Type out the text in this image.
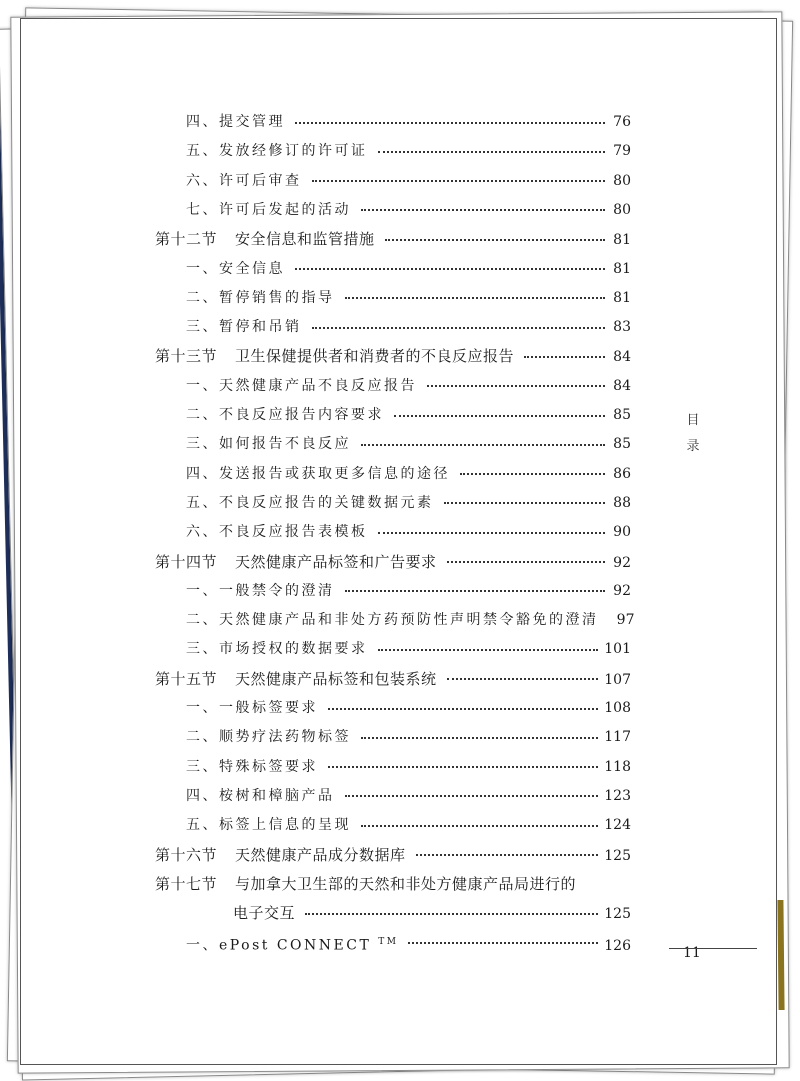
四、提交管理	76
五、发放经修订的许可证	79
六、许可后审查	80
七、许可后发起的活动	80
第十二节 安全信息和监管措施	81
一、安全信息	81
二、暂停销售的指导	81
三、暂停和吊销	83
第十三节 卫生保健提供者和消费者的不良反应报告	84
一、天然健康产品不良反应报告	84
二、不良反应报告内容要求	85
三、如何报告不良反应	85
四、发送报告或获取更多信息的途径	86
五、不良反应报告的关键数据元素	88
六、不良反应报告表模板	90
第十四节 天然健康产品标签和广告要求	92
一、一般禁令的澄清	92
二、天然健康产品和非处方药预防性声明禁令豁免的澄清 97
三、市场授权的数据要求	101
第十五节 天然健康产品标签和包装系统	107
一、一般标签要求	108
二、顺势疗法药物标签	117
三、特殊标签要求	118
四、桉树和樟脑产品	123
五、标签上信息的呈现	124
第十六节 天然健康产品成分数据库	125
第十七节 与加拿大卫生部的天然和非处方健康产品局进行的
电子交互	125
一、ePost CONNECT ™	126
目
录
11
